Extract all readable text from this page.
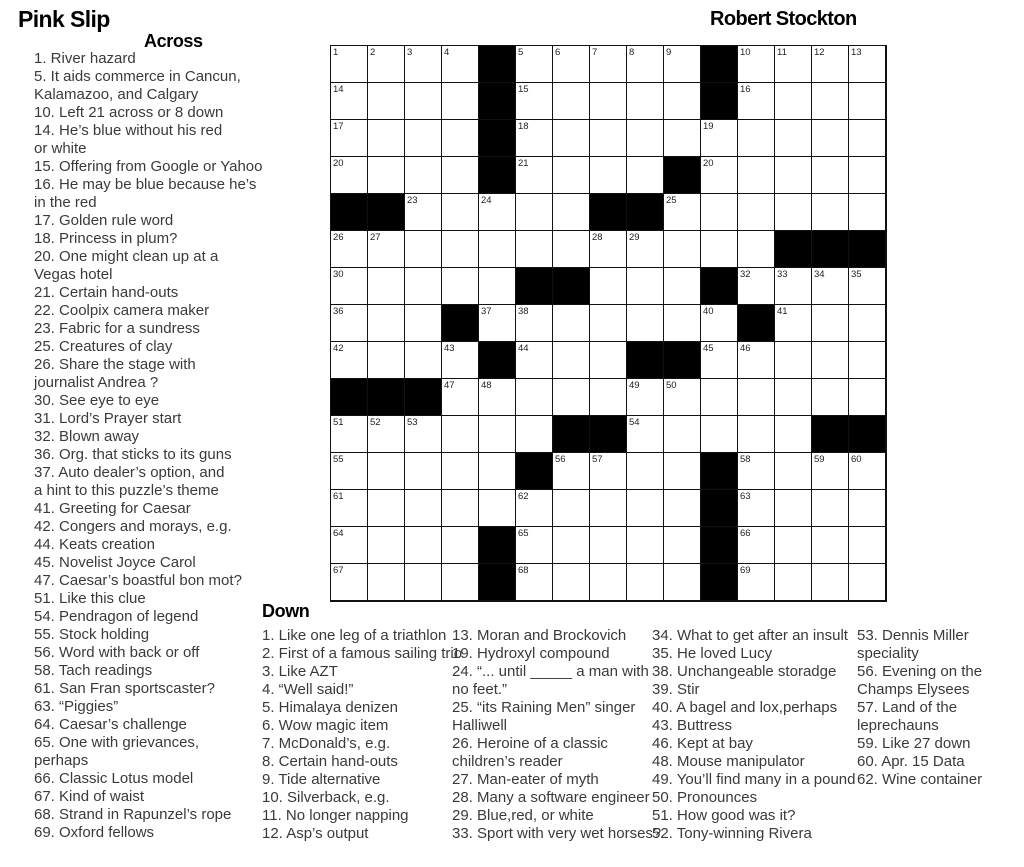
Pink Slip	Robert Stockton
Across
1. River hazard
5. It aids commerce in Cancun,
Kalamazoo, and Calgary
10. Left 21 across or 8 down
14. He’s blue without his red
or white
15. Offering from Google or Yahoo
16. He may be blue because he’s
in the red
17. Golden rule word
18. Princess in plum?
20. One might clean up at a
Vegas hotel
21. Certain hand-outs
22. Coolpix camera maker
23. Fabric for a sundress
25. Creatures of clay
26. Share the stage with
journalist Andrea ?
30. See eye to eye
31. Lord’s Prayer start
32. Blown away
36. Org. that sticks to its guns
37. Auto dealer’s option, and
a hint to this puzzle’s theme
41. Greeting for Caesar
42. Congers and morays, e.g.
44. Keats creation
45. Novelist Joyce Carol
47. Caesar’s boastful bon mot?
51. Like this clue
54. Pendragon of legend
55. Stock holding
56. Word with back or off
58. Tach readings
61. San Fran sportscaster?
63. “Piggies”
64. Caesar’s challenge
65. One with grievances,
perhaps
66. Classic Lotus model
67. Kind of waist
68. Strand in Rapunzel’s rope
69. Oxford fellows
1	2	3	4	5	6	7	8	9	10	11	12	13
14	15	16
17	18	19
20	21	20
23	24	25
26	27	28	29
30	32	33	34	35
36	37	38	40	41
42	43	44	45	46
47	48	49	50
51	52	53	54
55	56	57	58	59	60
61	62	63
64	65	66
67	68	69
Down
1. Like one leg of a triathlon
2. First of a famous sailing trio
3. Like AZT
4. “Well said!”
5. Himalaya denizen
6. Wow magic item
7. McDonald’s, e.g.
8. Certain hand-outs
9. Tide alternative
10. Silverback, e.g.
11. No longer napping
12. Asp’s output
13. Moran and Brockovich
19. Hydroxyl compound
24. “... until _____ a man with
no feet.”
25. “its Raining Men” singer
Halliwell
26. Heroine of a classic
children’s reader
27. Man-eater of myth
28. Many a software engineer
29. Blue,red, or white
33. Sport with very wet horses?
34. What to get after an insult
35. He loved Lucy
38. Unchangeable storadge
39. Stir
40. A bagel and lox,perhaps
43. Buttress
46. Kept at bay
48. Mouse manipulator
49. You’ll find many in a pound
50. Pronounces
51. How good was it?
52. Tony-winning Rivera
53. Dennis Miller
speciality
56. Evening on the
Champs Elysees
57. Land of the
leprechauns
59. Like 27 down
60. Apr. 15 Data
62. Wine container
